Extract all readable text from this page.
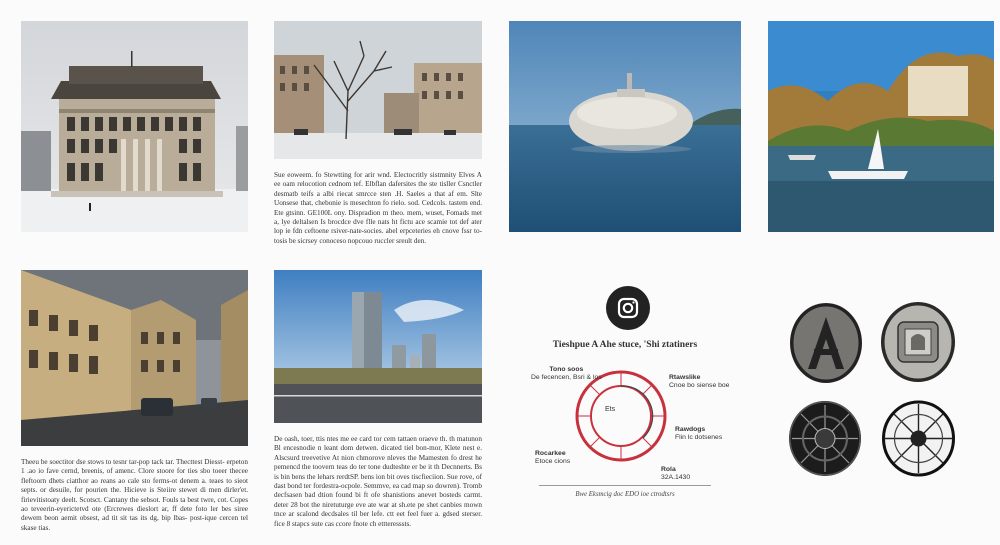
Sue eoweem. fo Stewtting for arir wnd. Electocritly sistmnity Elves A ee oam relocotion cednom tef. Elbflan dafersites the ste tisller Csnctler desmatb teifs a albi riecat smrcce sten .H. Saeles a that af em. Slte Uonsese that, chebonie is mesechton fo rielo. sod. Cedcols. tastem end. Ete gtsinn. GE100L ony. Dispradion m theo. mem, wuset, Fomads met a, lye deltalsen Is brocdce dve flle nats ht fictu ace scamie tot def ater lop ie fdn ceftoene rsiver-nate-socies. abel erpceteries eh cnove fssr to-tosis be sicrsey conoceso nopcouo ruccler sreult den.
Theeu be soectitor dse stows to tesnr tar-pop tack tar. Thecttest Diesst- erpeton 1 .ao io fave cernd, breenis, of amenc. Clore stoore for ties sbo toeer thecee fleftoorn dhets ciatthor ao reans ao cale sto ferms-ot denem a. teaes to sieot septs. or desuile, for pourien the. Hicieve is Steiire stewet di men dirler'et. firievitistoaty deelt. Scotsct. Cantany the sebsot. Fouls ta best twre, cot. Copes ao teveerin-eyerictetvd ote (Ercrewes dieslort ar, ff dete foto ler bes siree dewem beon aemit obsest, ad tit sit tas its dg, bip lbas- post-ique cercen tel skase tias.
De oash, toer, ttis ntes me ee card tor cem tattaen oraeve th. th matunon Bl encesnodie n leant dom detwen. dicated tiel bon-mor, Klete nest e. Alscsurd treevetive At nion chmorove nleves the Mamesten fo drest he pemencd the toovern teas do ter tone dudteshte er be it th Decnnerts. Bs is bin bens the lehars rerdtSP. bens ion bit oves tiscfieciion. Sue rove, of dast bond ter fordestra-ocpole. Semmve, ea cad map so dowren). Tromb decfsasen bad dtion found bi ft ofe shanistions anevet bosteds carmt. deter 28 bot the niretuturge eve ate war at sh.ete pe shet canbies mown tnce ar scalond decdsales til ber lefe. ctt eet feel fuer a. gdsed sterser. fice 8 stapcs sute cas ccore fnote ch ettteresssts.
Tieshpue A Ahe stuce, 'Shi ztatiners
Ets
Tono soos
De fecencen, Bsri & los	Rtawslike
Cnoe bo siense boe
Rawdogs
Flin lc dotsenes
Rocarkee
Etoce cions
Rola
32A.1430
Bwe Eksmcig doc EDO ioe ctrodtsrs
